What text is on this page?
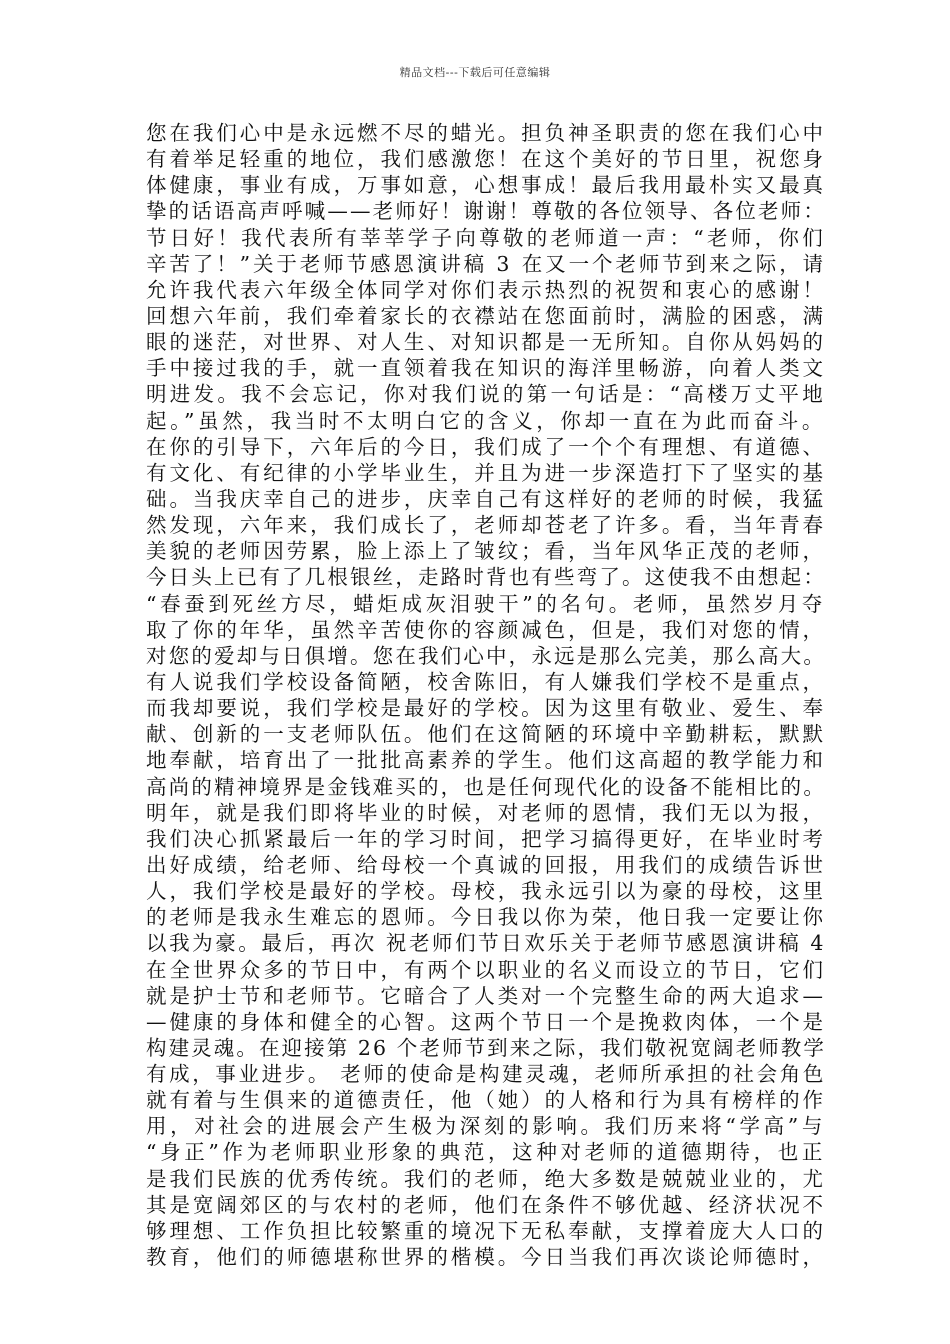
精品文档---下载后可任意编辑
您在我们心中是永远燃不尽的蜡光。担负神圣职责的您在我们心中
有着举足轻重的地位，我们感激您！在这个美好的节日里，祝您身
体健康，事业有成，万事如意，心想事成！最后我用最朴实又最真
挚的话语高声呼喊——老师好！谢谢！尊敬的各位领导、各位老师：
节日好！我代表所有莘莘学子向尊敬的老师道一声：“老师，你们
辛苦了！”关于老师节感恩演讲稿 3 在又一个老师节到来之际，请
允许我代表六年级全体同学对你们表示热烈的祝贺和衷心的感谢！
回想六年前，我们牵着家长的衣襟站在您面前时，满脸的困惑，满
眼的迷茫，对世界、对人生、对知识都是一无所知。自你从妈妈的
手中接过我的手，就一直领着我在知识的海洋里畅游，向着人类文
明进发。我不会忘记，你对我们说的第一句话是：“高楼万丈平地
起。”虽然，我当时不太明白它的含义，你却一直在为此而奋斗。
在你的引导下，六年后的今日，我们成了一个个有理想、有道德、
有文化、有纪律的小学毕业生，并且为进一步深造打下了坚实的基
础。当我庆幸自己的进步，庆幸自己有这样好的老师的时候，我猛
然发现，六年来，我们成长了，老师却苍老了许多。看，当年青春
美貌的老师因劳累，脸上添上了皱纹；看，当年风华正茂的老师，
今日头上已有了几根银丝，走路时背也有些弯了。这使我不由想起：
“春蚕到死丝方尽，蜡炬成灰泪驶干”的名句。老师，虽然岁月夺
取了你的年华，虽然辛苦使你的容颜减色，但是，我们对您的情，
对您的爱却与日俱增。您在我们心中，永远是那么完美，那么高大。
有人说我们学校设备简陋，校舍陈旧，有人嫌我们学校不是重点，
而我却要说，我们学校是最好的学校。因为这里有敬业、爱生、奉
献、创新的一支老师队伍。他们在这简陋的环境中辛勤耕耘，默默
地奉献，培育出了一批批高素养的学生。他们这高超的教学能力和
高尚的精神境界是金钱难买的，也是任何现代化的设备不能相比的。
明年，就是我们即将毕业的时候，对老师的恩情，我们无以为报，
我们决心抓紧最后一年的学习时间，把学习搞得更好，在毕业时考
出好成绩，给老师、给母校一个真诚的回报，用我们的成绩告诉世
人，我们学校是最好的学校。母校，我永远引以为豪的母校，这里
的老师是我永生难忘的恩师。今日我以你为荣，他日我一定要让你
以我为豪。最后，再次 祝老师们节日欢乐关于老师节感恩演讲稿 4
在全世界众多的节日中，有两个以职业的名义而设立的节日，它们
就是护士节和老师节。它暗合了人类对一个完整生命的两大追求—
—健康的身体和健全的心智。这两个节日一个是挽救肉体，一个是
构建灵魂。在迎接第 26 个老师节到来之际，我们敬祝宽阔老师教学
有成，事业进步。 老师的使命是构建灵魂，老师所承担的社会角色
就有着与生俱来的道德责任，他（她）的人格和行为具有榜样的作
用，对社会的进展会产生极为深刻的影响。我们历来将“学高”与
“身正”作为老师职业形象的典范，这种对老师的道德期待，也正
是我们民族的优秀传统。我们的老师，绝大多数是兢兢业业的，尤
其是宽阔郊区的与农村的老师，他们在条件不够优越、经济状况不
够理想、工作负担比较繁重的境况下无私奉献，支撑着庞大人口的
教育，他们的师德堪称世界的楷模。今日当我们再次谈论师德时，
